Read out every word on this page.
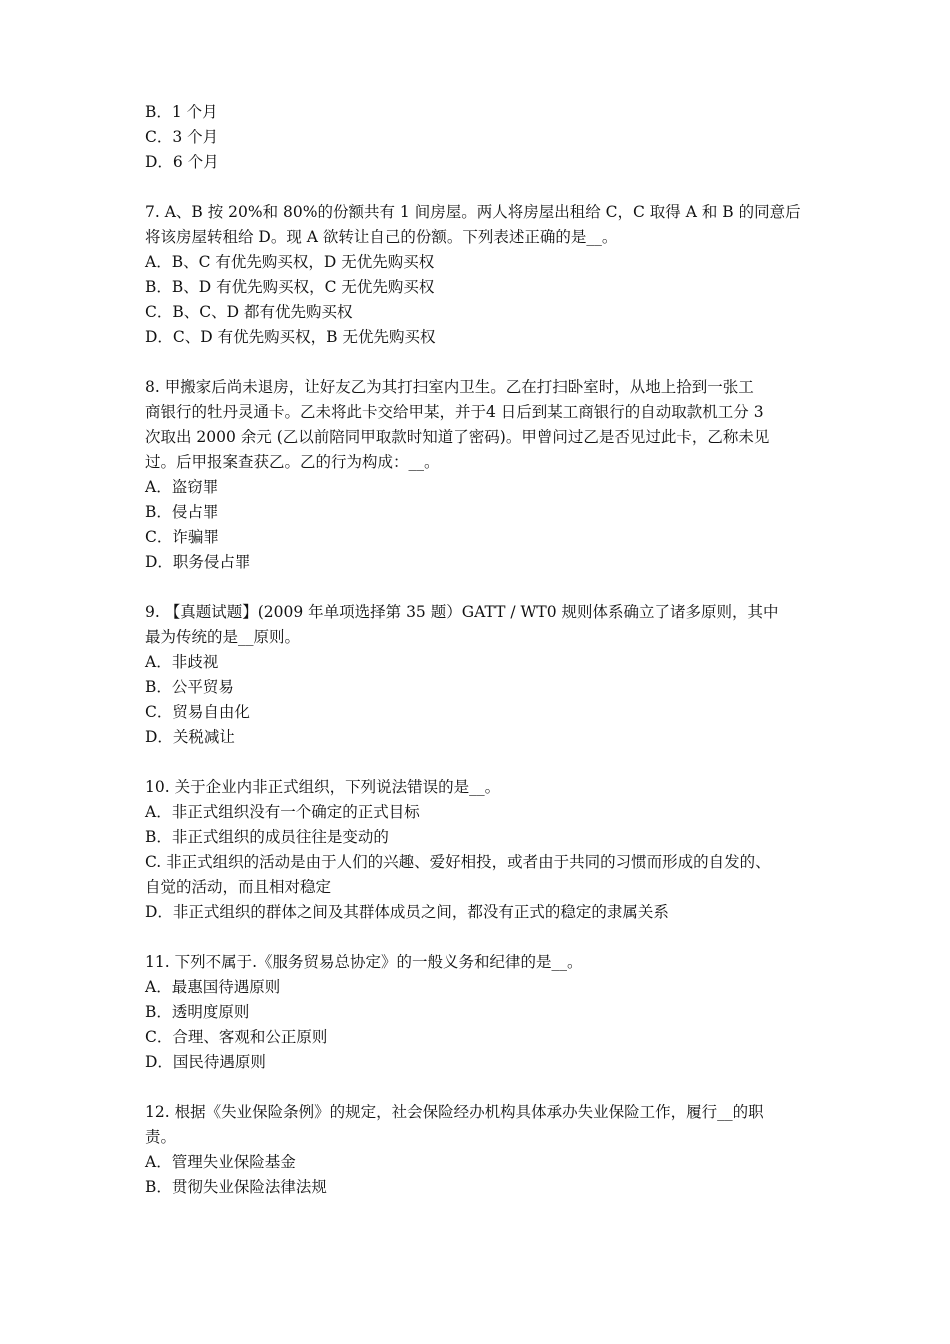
B．1 个月
C．3 个月
D．6 个月
7. A、B 按 20%和 80%的份额共有 1 间房屋。两人将房屋出租给 C，C 取得 A 和 B 的同意后
将该房屋转租给 D。现 A 欲转让自己的份额。下列表述正确的是__。
A．B、C 有优先购买权，D 无优先购买权
B．B、D 有优先购买权，C 无优先购买权
C．B、C、D 都有优先购买权
D．C、D 有优先购买权，B 无优先购买权
8. 甲搬家后尚未退房，让好友乙为其打扫室内卫生。乙在打扫卧室时，从地上拾到一张工
商银行的牡丹灵通卡。乙未将此卡交给甲某，并于4 日后到某工商银行的自动取款机工分 3
次取出 2000 余元 (乙以前陪同甲取款时知道了密码)。甲曾问过乙是否见过此卡，乙称未见
过。后甲报案查获乙。乙的行为构成：__。
A．盗窃罪
B．侵占罪
C．诈骗罪
D．职务侵占罪
9. 【真题试题】(2009 年单项选择第 35 题）GATT / WT0 规则体系确立了诸多原则，其中
最为传统的是__原则。
A．非歧视
B．公平贸易
C．贸易自由化
D．关税减让
10. 关于企业内非正式组织，下列说法错误的是__。
A．非正式组织没有一个确定的正式目标
B．非正式组织的成员往往是变动的
C. 非正式组织的活动是由于人们的兴趣、爱好相投，或者由于共同的习惯而形成的自发的、
自觉的活动，而且相对稳定
D．非正式组织的群体之间及其群体成员之间，都没有正式的稳定的隶属关系
11. 下列不属于.《服务贸易总协定》的一般义务和纪律的是__。
A．最惠国待遇原则
B．透明度原则
C．合理、客观和公正原则
D．国民待遇原则
12. 根据《失业保险条例》的规定，社会保险经办机构具体承办失业保险工作，履行__的职
责。
A．管理失业保险基金
B．贯彻失业保险法律法规
